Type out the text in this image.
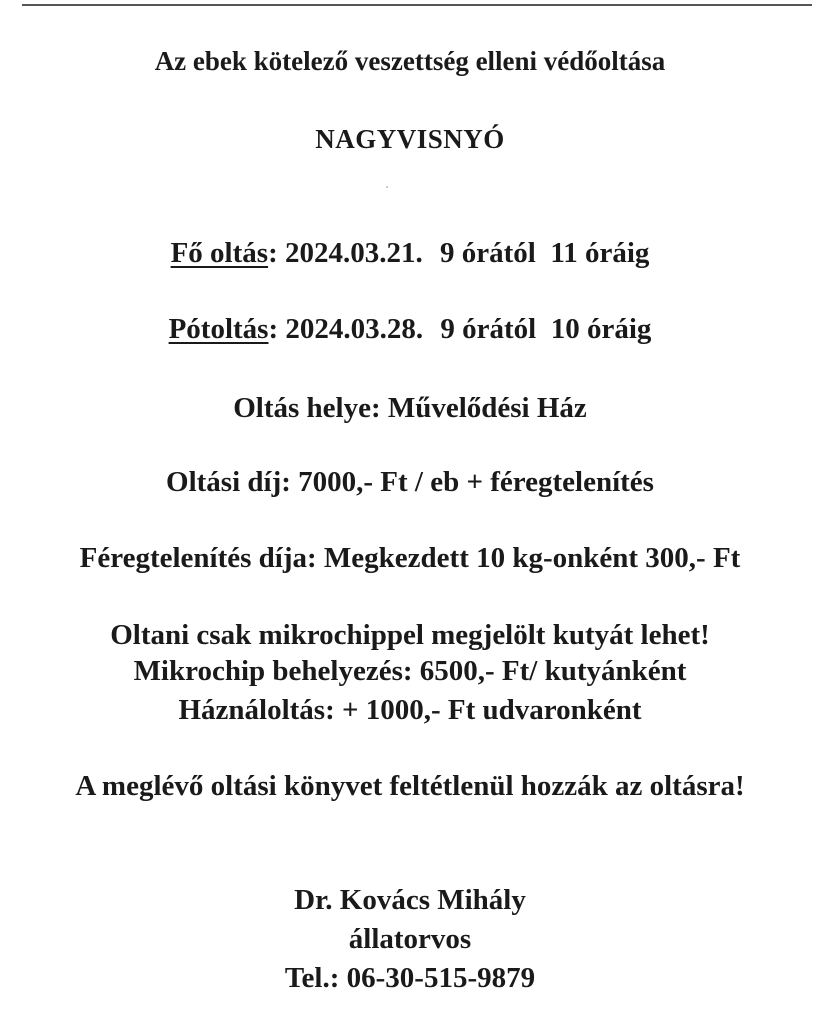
Az ebek kötelező veszettség elleni védőoltása
NAGYVISNYÓ
Fő oltás: 2024.03.21. 9 órától  11 óráig
Pótoltás: 2024.03.28. 9 órától  10 óráig
Oltás helye: Művelődési Ház
Oltási díj: 7000,- Ft / eb + féregtelenítés
Féregtelenítés díja: Megkezdett 10 kg-onként 300,- Ft
Oltani csak mikrochippel megjelölt kutyát lehet!
Mikrochip behelyezés: 6500,- Ft/ kutyánként
Háználoltás: + 1000,- Ft udvaronként
A meglévő oltási könyvet feltétlenül hozzák az oltásra!
Dr. Kovács Mihály
állatorvos
Tel.: 06-30-515-9879
